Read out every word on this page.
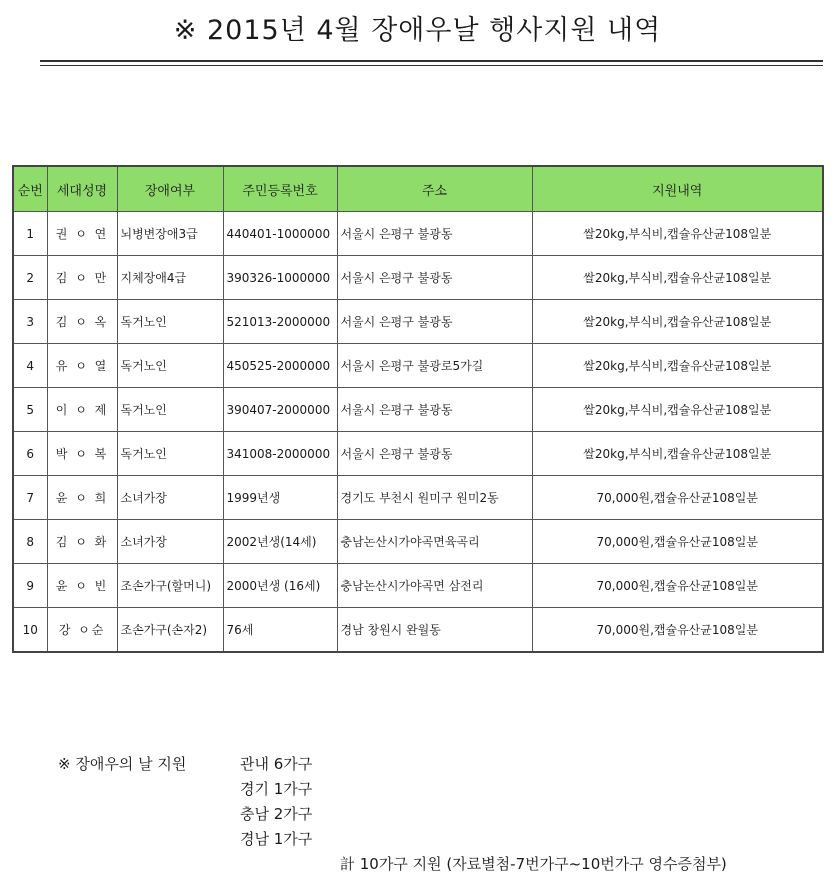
※ 2015년 4월 장애우날 행사지원 내역
순번	세대성명	장애여부	주민등록번호	주소	지원내역
1	권 ㅇ 연	뇌병변장애3급	440401-1000000	서울시 은평구 불광동	쌀20kg,부식비,캡슐유산균108일분
2	김 ㅇ 만	지체장애4급	390326-1000000	서울시 은평구 불광동	쌀20kg,부식비,캡슐유산균108일분
3	김 ㅇ 옥	독거노인	521013-2000000	서울시 은평구 불광동	쌀20kg,부식비,캡슐유산균108일분
4	유 ㅇ 열	독거노인	450525-2000000	서울시 은평구 불광로5가길	쌀20kg,부식비,캡슐유산균108일분
5	이 ㅇ 제	독거노인	390407-2000000	서울시 은평구 불광동	쌀20kg,부식비,캡슐유산균108일분
6	박 ㅇ 복	독거노인	341008-2000000	서울시 은평구 불광동	쌀20kg,부식비,캡슐유산균108일분
7	윤 ㅇ 희	소녀가장	1999년생	경기도 부천시 원미구 원미2동	70,000원,캡슐유산균108일분
8	김 ㅇ 화	소녀가장	2002년생(14세)	충남논산시가야곡면육곡리	70,000원,캡슐유산균108일분
9	윤 ㅇ 빈	조손가구(할머니)	2000년생 (16세)	충남논산시가야곡면 삼전리	70,000원,캡슐유산균108일분
10	강 ㅇ순	조손가구(손자2)	76세	경남 창원시 완월동	70,000원,캡슐유산균108일분
※ 장애우의 날 지원	관내 6가구
경기 1가구
충남 2가구
경남 1가구
計 10가구 지원 (자료별첨-7번가구~10번가구 영수증첨부)
